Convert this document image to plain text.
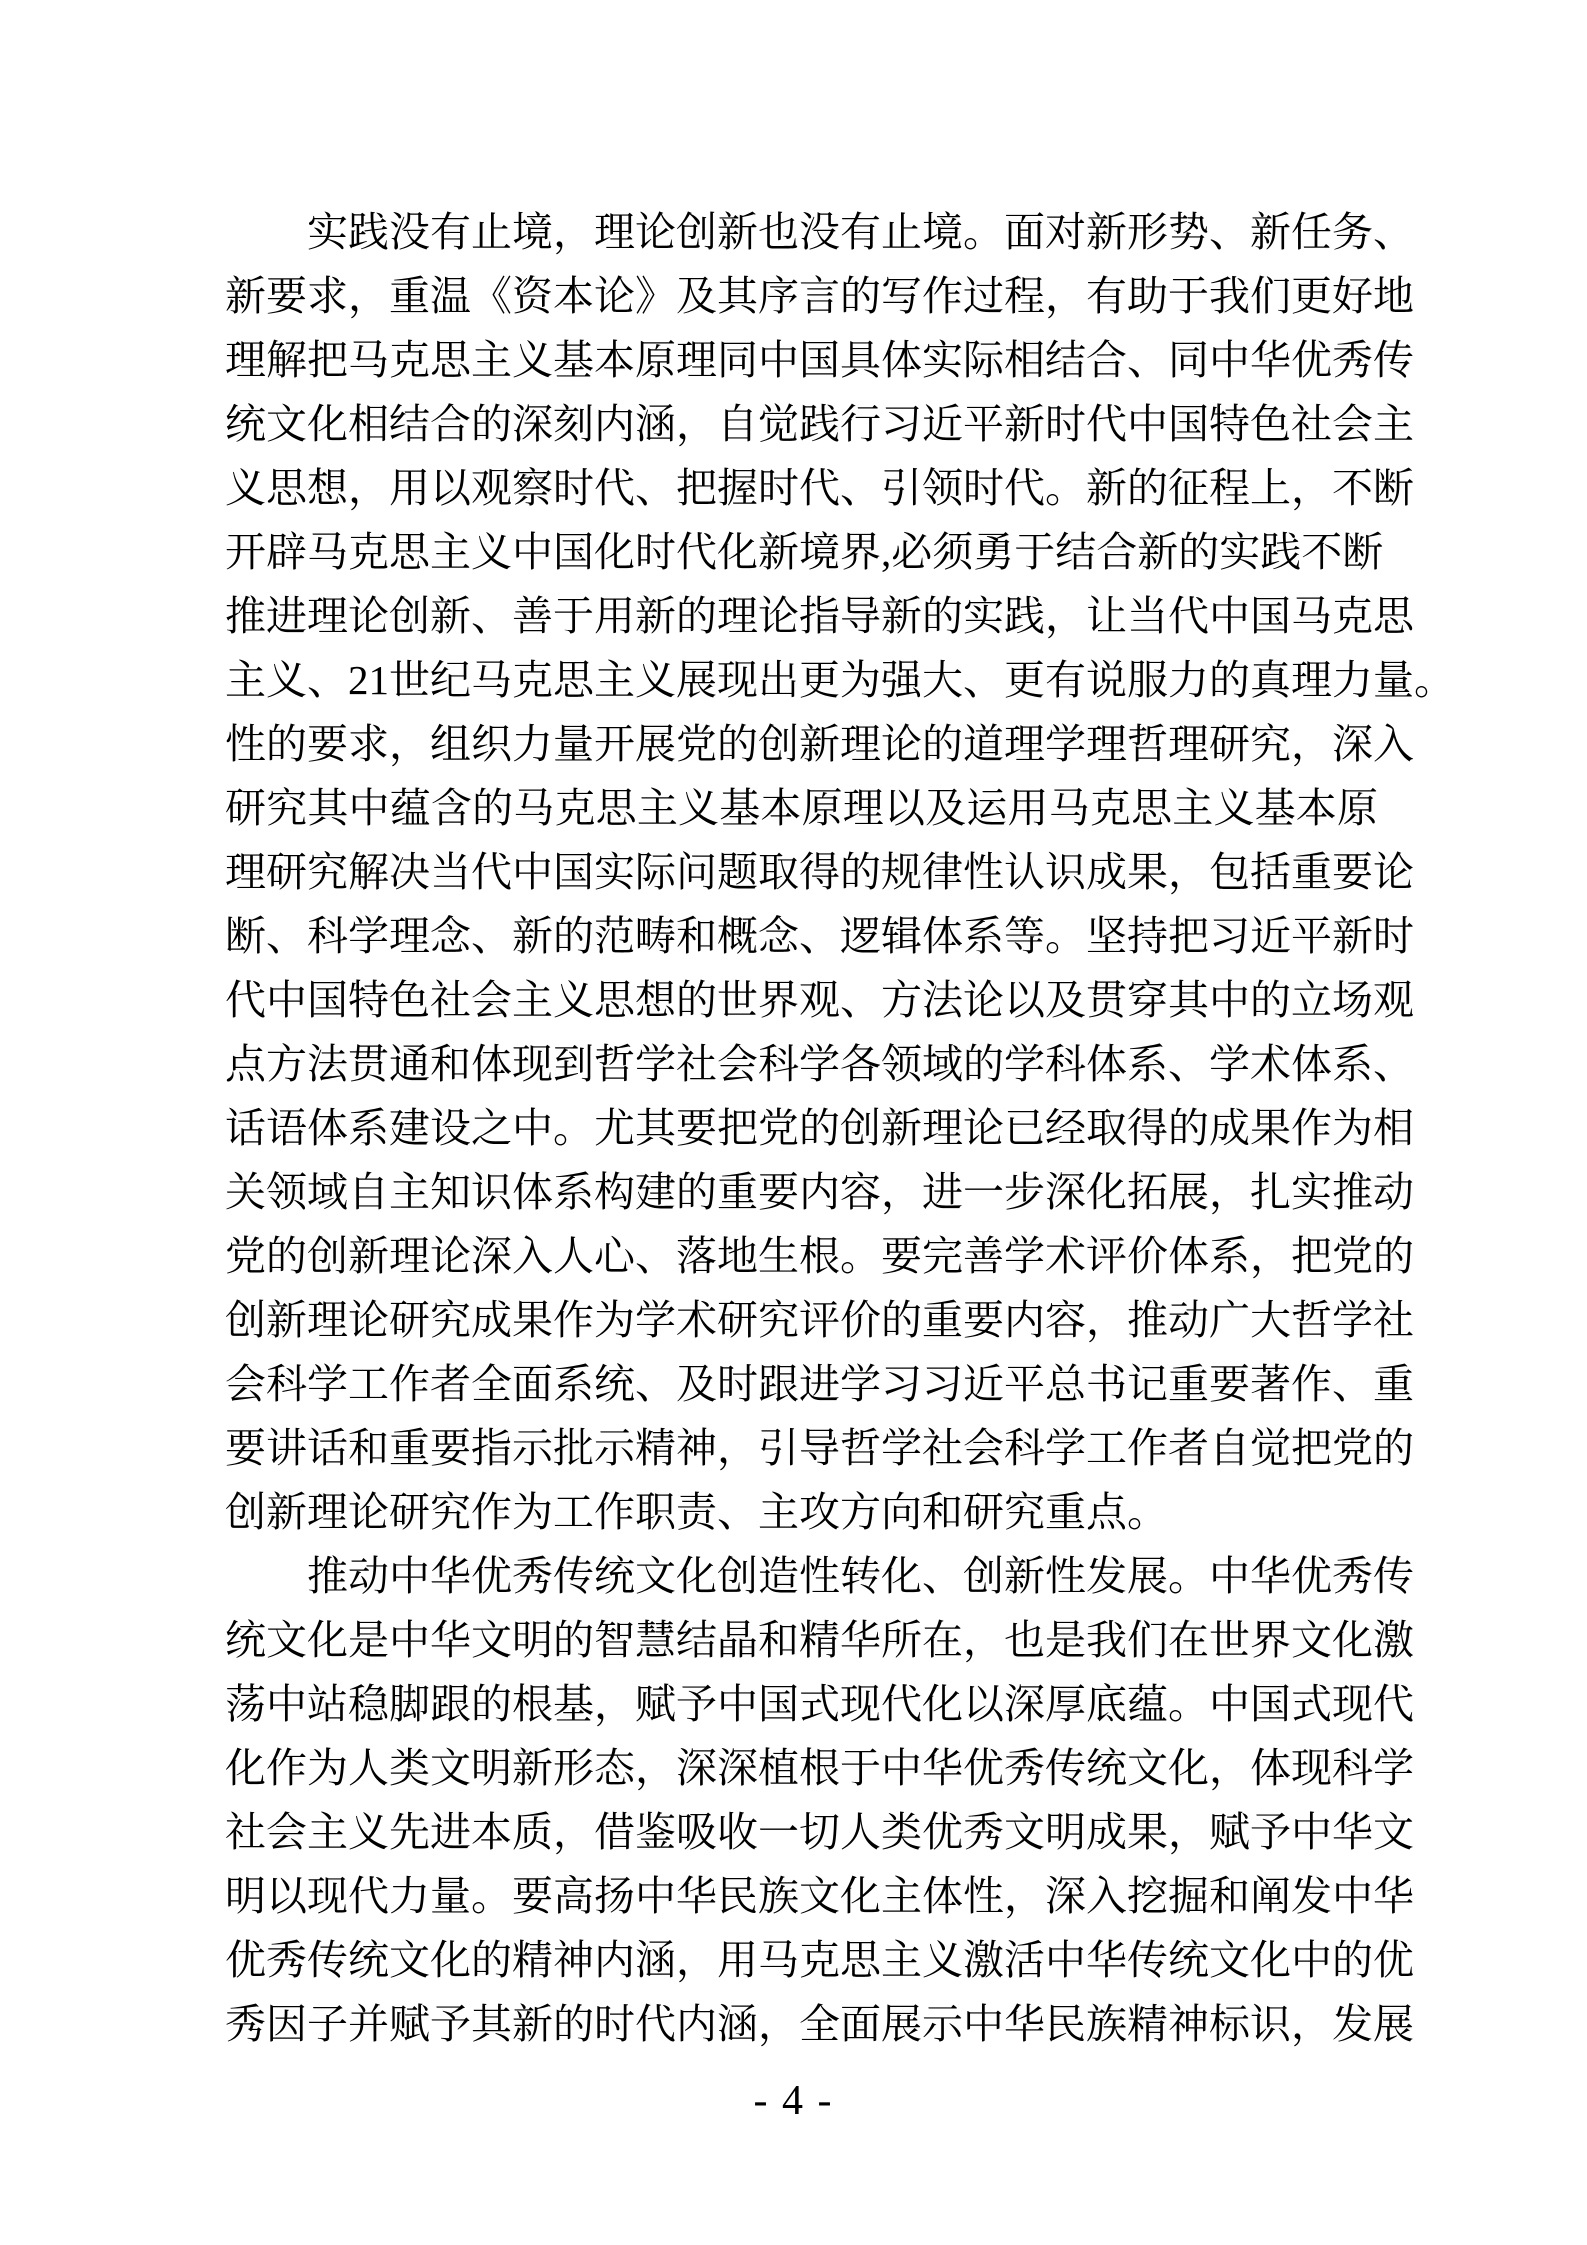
实践没有止境，理论创新也没有止境。面对新形势、新任务、
新要求，重温《资本论》及其序言的写作过程，有助于我们更好地
理解把马克思主义基本原理同中国具体实际相结合、同中华优秀传
统文化相结合的深刻内涵，自觉践行习近平新时代中国特色社会主
义思想，用以观察时代、把握时代、引领时代。新的征程上，不断
开辟马克思主义中国化时代化新境界,必须勇于结合新的实践不断
推进理论创新、善于用新的理论指导新的实践，让当代中国马克思
主义、21世纪马克思主义展现出更为强大、更有说服力的真理力量。
性的要求，组织力量开展党的创新理论的道理学理哲理研究，深入
研究其中蕴含的马克思主义基本原理以及运用马克思主义基本原
理研究解决当代中国实际问题取得的规律性认识成果，包括重要论
断、科学理念、新的范畴和概念、逻辑体系等。坚持把习近平新时
代中国特色社会主义思想的世界观、方法论以及贯穿其中的立场观
点方法贯通和体现到哲学社会科学各领域的学科体系、学术体系、
话语体系建设之中。尤其要把党的创新理论已经取得的成果作为相
关领域自主知识体系构建的重要内容，进一步深化拓展，扎实推动
党的创新理论深入人心、落地生根。要完善学术评价体系，把党的
创新理论研究成果作为学术研究评价的重要内容，推动广大哲学社
会科学工作者全面系统、及时跟进学习习近平总书记重要著作、重
要讲话和重要指示批示精神，引导哲学社会科学工作者自觉把党的
创新理论研究作为工作职责、主攻方向和研究重点。
推动中华优秀传统文化创造性转化、创新性发展。中华优秀传
统文化是中华文明的智慧结晶和精华所在，也是我们在世界文化激
荡中站稳脚跟的根基，赋予中国式现代化以深厚底蕴。中国式现代
化作为人类文明新形态，深深植根于中华优秀传统文化，体现科学
社会主义先进本质，借鉴吸收一切人类优秀文明成果，赋予中华文
明以现代力量。要高扬中华民族文化主体性，深入挖掘和阐发中华
优秀传统文化的精神内涵，用马克思主义激活中华传统文化中的优
秀因子并赋予其新的时代内涵，全面展示中华民族精神标识，发展
- 4 -
